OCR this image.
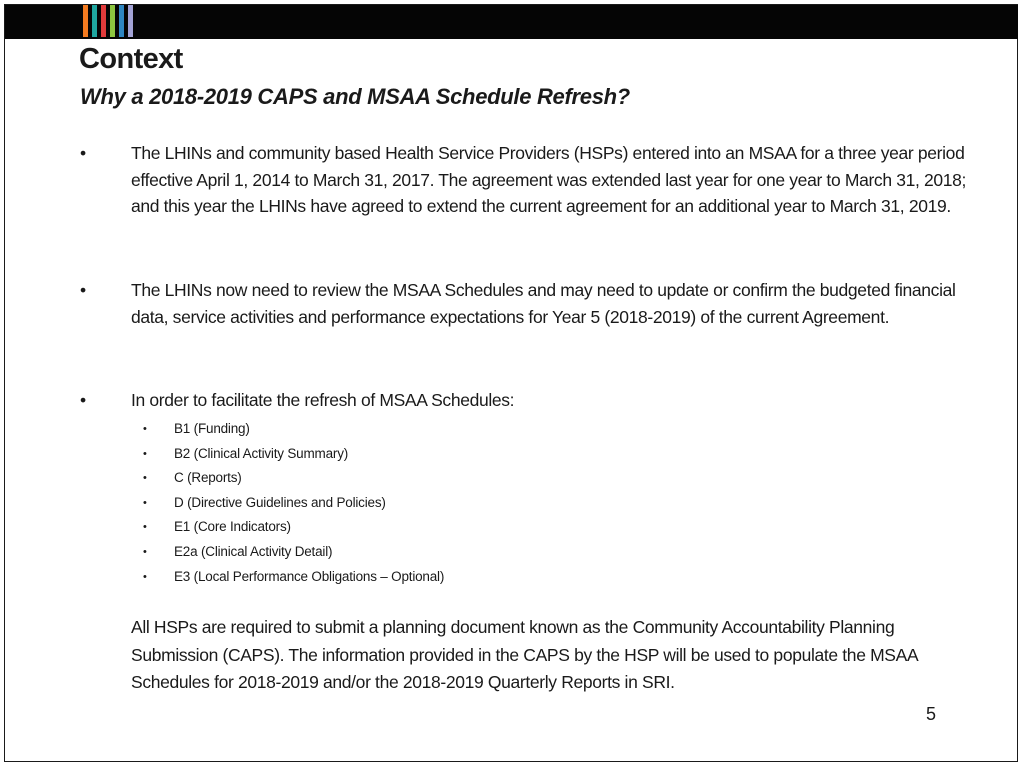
Context
Why a 2018-2019 CAPS and MSAA Schedule Refresh?

•	The LHINs and community based Health Service Providers (HSPs) entered into an MSAA for a three year period effective April 1, 2014 to March 31, 2017. The agreement was extended last year for one year to March 31, 2018; and this year the LHINs have agreed to extend the current agreement for an additional year to March 31, 2019.

•	The LHINs now need to review the MSAA Schedules and may need to update or confirm the budgeted financial data, service activities and performance expectations for Year 5 (2018-2019) of the current Agreement.

•	In order to facilitate the refresh of MSAA Schedules:

• B1 (Funding)
• B2 (Clinical Activity Summary)
• C (Reports)
• D (Directive Guidelines and Policies)
• E1 (Core Indicators)
• E2a (Clinical Activity Detail)
• E3 (Local Performance Obligations – Optional)

All HSPs are required to submit a planning document known as the Community Accountability Planning Submission (CAPS). The information provided in the CAPS by the HSP will be used to populate the MSAA Schedules for 2018-2019 and/or the 2018-2019 Quarterly Reports in SRI.

5
